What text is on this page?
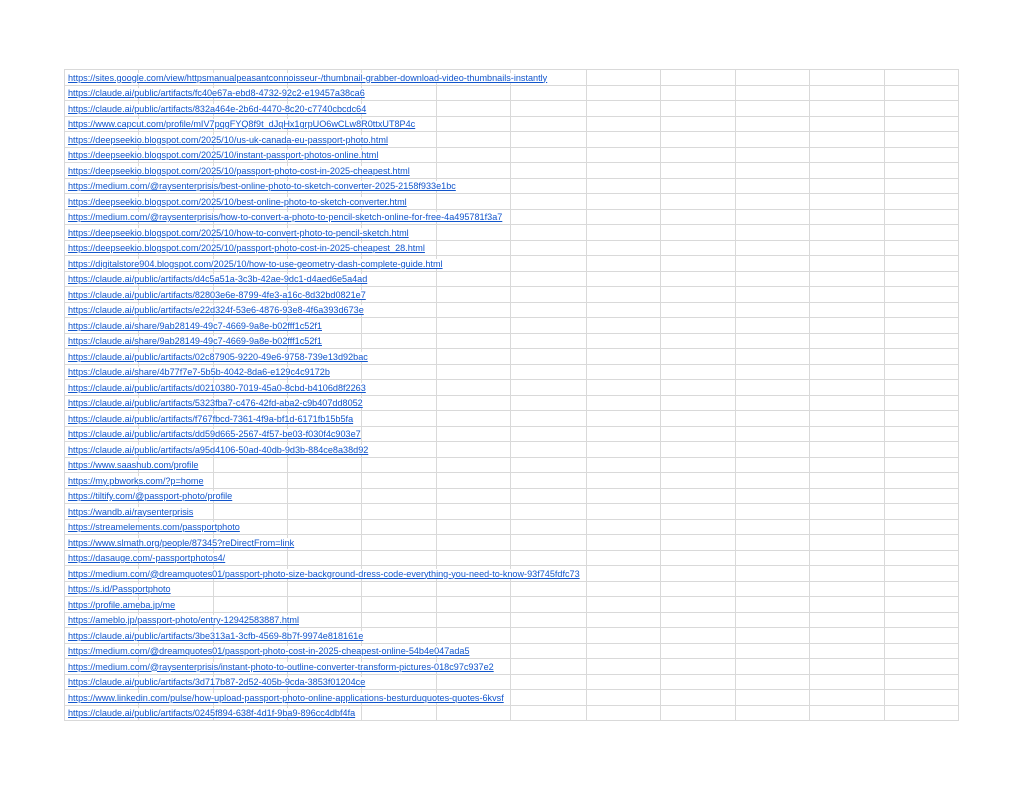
https://sites.google.com/view/httpsmanualpeasantconnoisseur-/thumbnail-grabber-download-video-thumbnails-instantly											
https://claude.ai/public/artifacts/fc40e67a-ebd8-4732-92c2-e19457a38ca6											
https://claude.ai/public/artifacts/832a464e-2b6d-4470-8c20-c7740cbcdc64											
https://www.capcut.com/profile/mIV7pqgFYQ8f9t_dJqHx1grpUO6wCLw8R0ttxUT8P4c											
https://deepseekio.blogspot.com/2025/10/us-uk-canada-eu-passport-photo.html											
https://deepseekio.blogspot.com/2025/10/instant-passport-photos-online.html											
https://deepseekio.blogspot.com/2025/10/passport-photo-cost-in-2025-cheapest.html											
https://medium.com/@raysenterprisis/best-online-photo-to-sketch-converter-2025-2158f933e1bc											
https://deepseekio.blogspot.com/2025/10/best-online-photo-to-sketch-converter.html											
https://medium.com/@raysenterprisis/how-to-convert-a-photo-to-pencil-sketch-online-for-free-4a495781f3a7											
https://deepseekio.blogspot.com/2025/10/how-to-convert-photo-to-pencil-sketch.html											
https://deepseekio.blogspot.com/2025/10/passport-photo-cost-in-2025-cheapest_28.html											
https://digitalstore904.blogspot.com/2025/10/how-to-use-geometry-dash-complete-guide.html											
https://claude.ai/public/artifacts/d4c5a51a-3c3b-42ae-9dc1-d4aed6e5a4ad											
https://claude.ai/public/artifacts/82803e6e-8799-4fe3-a16c-8d32bd0821e7											
https://claude.ai/public/artifacts/e22d324f-53e6-4876-93e8-4f6a393d673e											
https://claude.ai/share/9ab28149-49c7-4669-9a8e-b02fff1c52f1											
https://claude.ai/share/9ab28149-49c7-4669-9a8e-b02fff1c52f1											
https://claude.ai/public/artifacts/02c87905-9220-49e6-9758-739e13d92bac											
https://claude.ai/share/4b77f7e7-5b5b-4042-8da6-e129c4c9172b											
https://claude.ai/public/artifacts/d0210380-7019-45a0-8cbd-b4106d8f2263											
https://claude.ai/public/artifacts/5323fba7-c476-42fd-aba2-c9b407dd8052											
https://claude.ai/public/artifacts/f767fbcd-7361-4f9a-bf1d-6171fb15b5fa											
https://claude.ai/public/artifacts/dd59d665-2567-4f57-be03-f030f4c903e7											
https://claude.ai/public/artifacts/a95d4106-50ad-40db-9d3b-884ce8a38d92											
https://www.saashub.com/profile											
https://my.pbworks.com/?p=home											
https://tiltify.com/@passport-photo/profile											
https://wandb.ai/raysenterprisis											
https://streamelements.com/passportphoto											
https://www.slmath.org/people/87345?reDirectFrom=link											
https://dasauge.com/-passportphotos4/											
https://medium.com/@dreamquotes01/passport-photo-size-background-dress-code-everything-you-need-to-know-93f745fdfc73											
https://s.id/Passportphoto											
https://profile.ameba.jp/me											
https://ameblo.jp/passport-photo/entry-12942583887.html											
https://claude.ai/public/artifacts/3be313a1-3cfb-4569-8b7f-9974e818161e											
https://medium.com/@dreamquotes01/passport-photo-cost-in-2025-cheapest-online-54b4e047ada5											
https://medium.com/@raysenterprisis/instant-photo-to-outline-converter-transform-pictures-018c97c937e2											
https://claude.ai/public/artifacts/3d717b87-2d52-405b-9cda-3853f01204ce											
https://www.linkedin.com/pulse/how-upload-passport-photo-online-applications-besturduquotes-quotes-6kvsf											
https://claude.ai/public/artifacts/0245f894-638f-4d1f-9ba9-896cc4dbf4fa											
